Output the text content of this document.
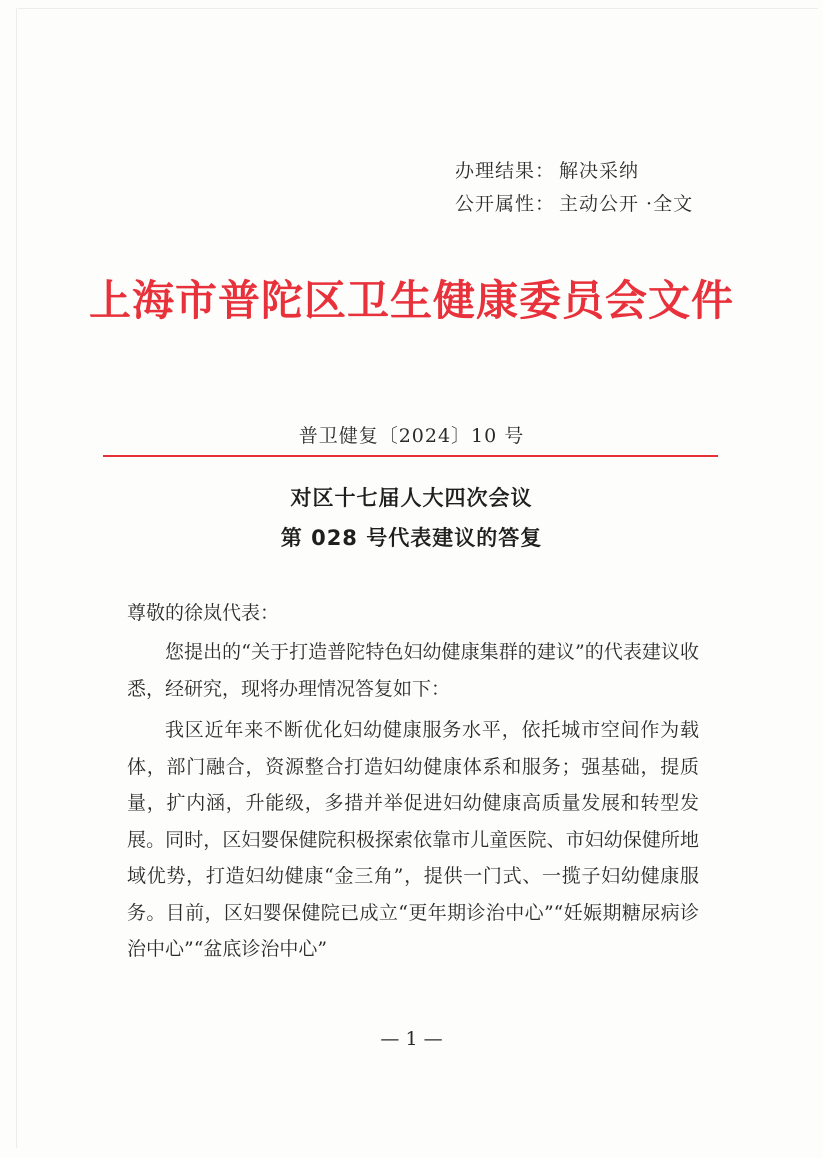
办理结果： 解决采纳
公开属性： 主动公开 ·全文
上海市普陀区卫生健康委员会文件
普卫健复〔2024〕10 号
对区十七届人大四次会议
第 028 号代表建议的答复
尊敬的徐岚代表：
您提出的“关于打造普陀特色妇幼健康集群的建议”的代表建议收悉，经研究，现将办理情况答复如下：
我区近年来不断优化妇幼健康服务水平，依托城市空间作为载体，部门融合，资源整合打造妇幼健康体系和服务；强基础，提质量，扩内涵，升能级，多措并举促进妇幼健康高质量发展和转型发展。同时，区妇婴保健院积极探索依靠市儿童医院、市妇幼保健所地域优势，打造妇幼健康“金三角”，提供一门式、一揽子妇幼健康服务。目前，区妇婴保健院已成立“更年期诊治中心”“妊娠期糖尿病诊治中心”“盆底诊治中心”
— 1 —
